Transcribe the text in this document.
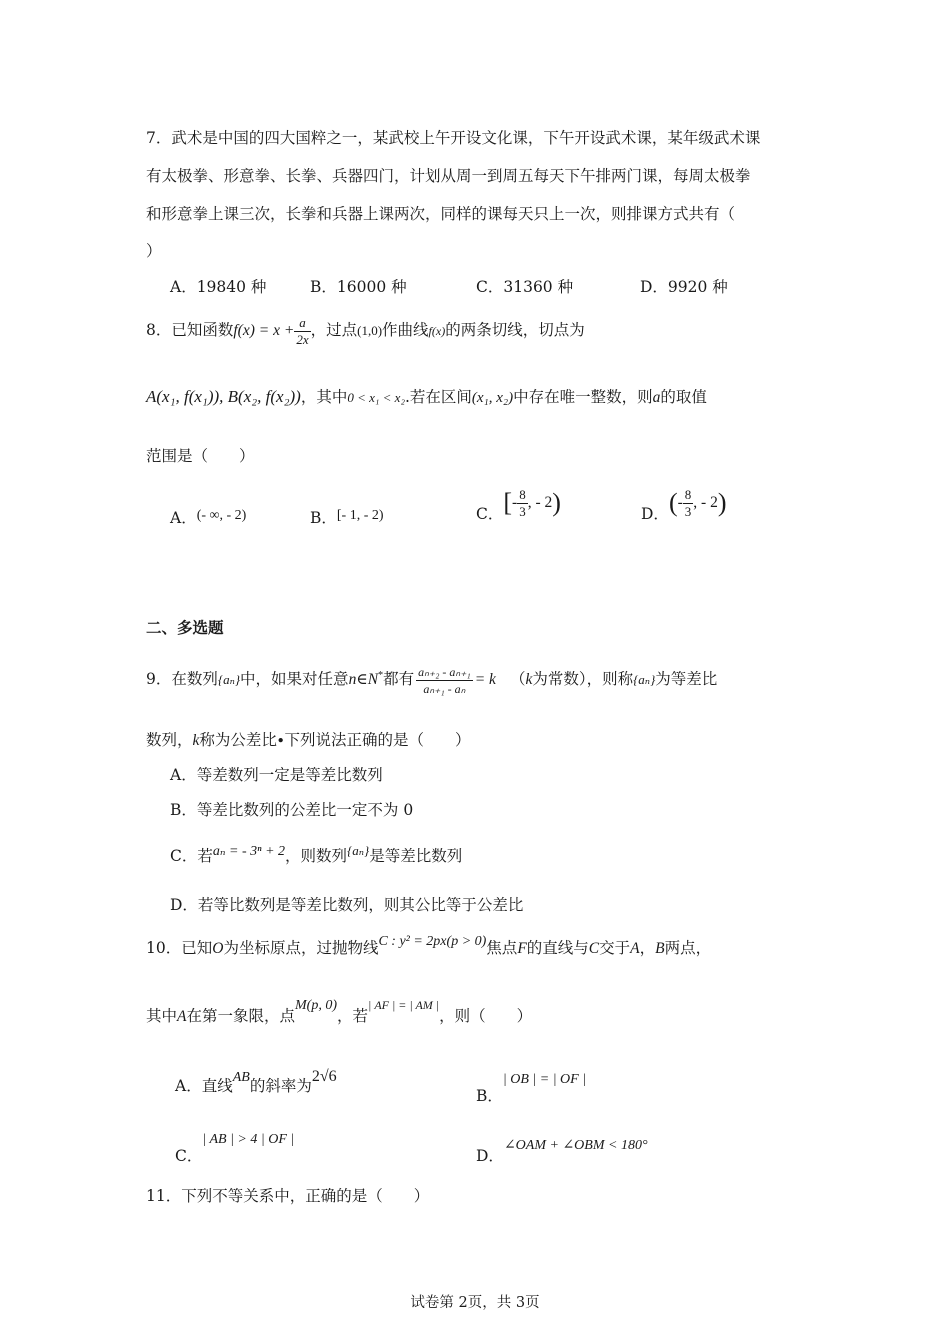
7．武术是中国的四大国粹之一，某武校上午开设文化课，下午开设武术课，某年级武术课
有太极拳、形意拳、长拳、兵器四门，计划从周一到周五每天下午排两门课，每周太极拳
和形意拳上课三次，长拳和兵器上课两次，同样的课每天只上一次，则排课方式共有（
）
A．19840 种	B．16000 种	C．31360 种	D．9920 种
8．已知函数$f(x) = x + \frac{a}{2x}$ ，过点(1,0)作曲线f(x)的两条切线，切点为
A(x₁, f(x₁)), B(x₂, f(x₂))，其中0 < x₁ < x₂.若在区间(x₁, x₂)中存在唯一整数，则a的取值
范围是（　　）
A．(- ∞, - 2)	B．[- 1, - 2)	C．[- $\frac{8}{3}$ , - 2)	D．(- $\frac{8}{3}$ , - 2)
二、多选题
9．在数列{aₙ}中，如果对任意n∈N*都有 $\frac{\text{aₙ₊₂ - aₙ₊₁}}{\text{aₙ₊₁ - aₙ}} = k$ （k为常数），则称{aₙ}为等差比
数列，k称为公差比∙下列说法正确的是（　　）
A．等差数列一定是等差比数列
B．等差比数列的公差比一定不为 0
C．若aₙ = - 3ⁿ + 2，则数列$^{\{a_n\}}$是等差比数列
D．若等比数列是等差比数列，则其公比等于公差比
10．已知O为坐标原点，过抛物线C : y² = 2px(p > 0)焦点F的直线与C交于A，B两点，
其中A在第一象限，点M(p, 0)，若$^{| AF | = | AM |}$，则（　　）
A．直线AB的斜率为2√6
B．| OB | = | OF |
C．| AB | > 4 | OF |
D．∠OAM + ∠OBM < 180°
11．下列不等关系中，正确的是（　　）
试卷第 2页，共 3页
